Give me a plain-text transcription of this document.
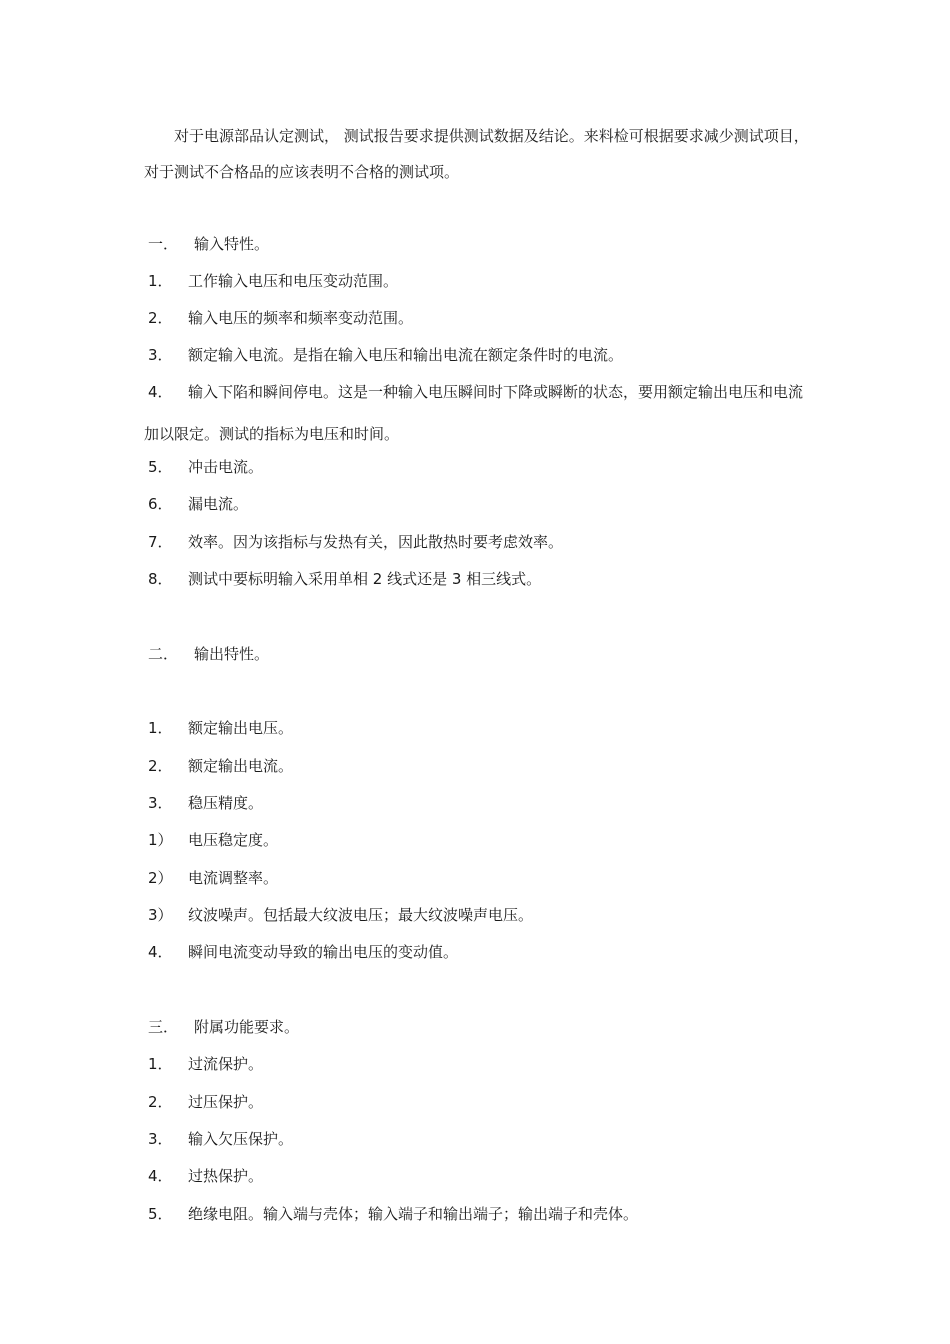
对于电源部品认定测试， 测试报告要求提供测试数据及结论。来料检可根据要求减少测试项目，对于测试不合格品的应该表明不合格的测试项。

一． 输入特性。
1． 工作输入电压和电压变动范围。
2． 输入电压的频率和频率变动范围。
3． 额定输入电流。是指在输入电压和输出电流在额定条件时的电流。
4． 输入下陷和瞬间停电。这是一种输入电压瞬间时下降或瞬断的状态，要用额定输出电压和电流加以限定。测试的指标为电压和时间。
5． 冲击电流。
6． 漏电流。
7． 效率。因为该指标与发热有关，因此散热时要考虑效率。
8． 测试中要标明输入采用单相 2 线式还是 3 相三线式。
二． 输出特性。
1． 额定输出电压。
2． 额定输出电流。
3． 稳压精度。
1） 电压稳定度。
2） 电流调整率。
3） 纹波噪声。包括最大纹波电压；最大纹波噪声电压。
4． 瞬间电流变动导致的输出电压的变动值。
三． 附属功能要求。
1． 过流保护。
2． 过压保护。
3． 输入欠压保护。
4． 过热保护。
5． 绝缘电阻。输入端与壳体；输入端子和输出端子；输出端子和壳体。
